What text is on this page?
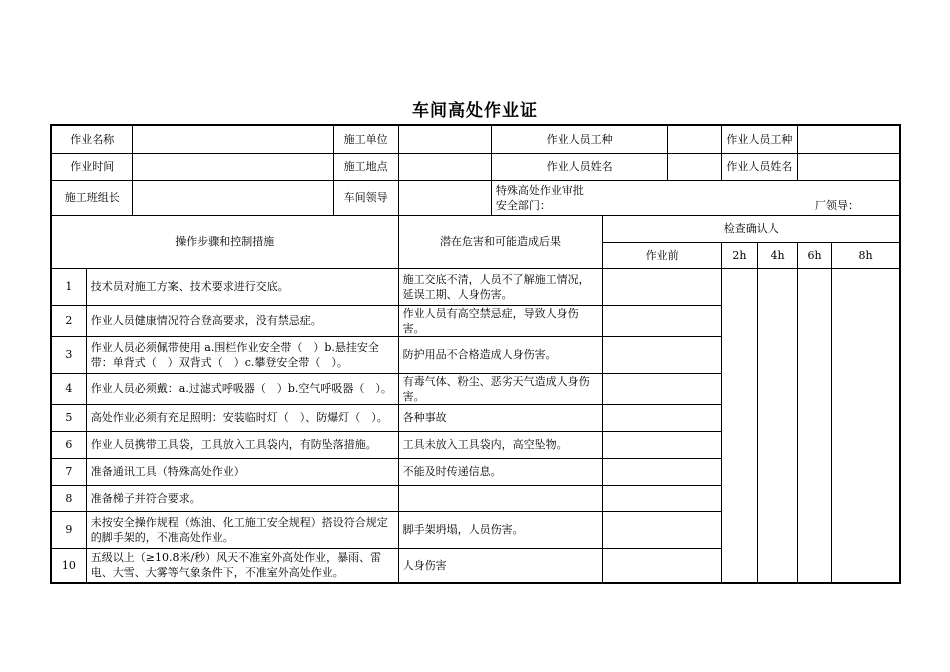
车间高处作业证
作业名称			施工单位		作业人员工种			作业人员工种			
作业时间			施工地点		作业人员姓名			作业人员姓名			
施工班组长			车间领导		特殊高处作业审批
安全部门： 厂领导：						

操作步骤和控制措施				潜在危害和可能造成后果		检查确认人					
						作业前		2h	4h	6h	8h
1	技术员对施工方案、技术要求进行交底。			施工交底不清，人员不了解施工情况，延误工期、人身伤害。							
2	作业人员健康情况符合登高要求，没有禁忌症。			作业人员有高空禁忌症，导致人身伤害。							
3	作业人员必须佩带使用 a.围栏作业安全带（　）b.悬挂安全带：单背式（　）双背式（　）c.攀登安全带（　）。			防护用品不合格造成人身伤害。							
4	作业人员必须戴：a.过滤式呼吸器（　）b.空气呼吸器（　）。			有毒气体、粉尘、恶劣天气造成人身伤害。							
5	高处作业必须有充足照明：安装临时灯（　）、防爆灯（　）。			各种事故							
6	作业人员携带工具袋，工具放入工具袋内，有防坠落措施。			工具未放入工具袋内，高空坠物。							
7	准备通讯工具（特殊高处作业）			不能及时传递信息。							
8	准备梯子并符合要求。										
9	未按安全操作规程（炼油、化工施工安全规程）搭设符合规定的脚手架的，不准高处作业。			脚手架坍塌，人员伤害。							
10	五级以上（≥10.8米/秒）风天不准室外高处作业，暴雨、雷电、大雪、大雾等气象条件下，不准室外高处作业。			人身伤害							
